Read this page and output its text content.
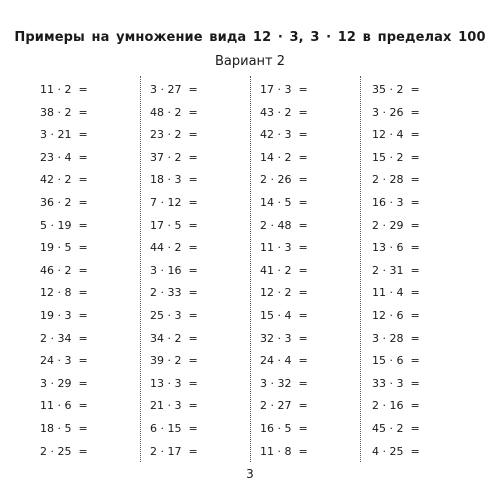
Примеры на умножение вида 12 · 3, 3 · 12 в пределах 100
Вариант 2
11 · 2  =
38 · 2  =
3 · 21  =
23 · 4  =
42 · 2  =
36 · 2  =
5 · 19  =
19 · 5  =
46 · 2  =
12 · 8  =
19 · 3  =
2 · 34  =
24 · 3  =
3 · 29  =
11 · 6  =
18 · 5  =
2 · 25  =
3 · 27  =
48 · 2  =
23 · 2  =
37 · 2  =
18 · 3  =
7 · 12  =
17 · 5  =
44 · 2  =
3 · 16  =
2 · 33  =
25 · 3  =
34 · 2  =
39 · 2  =
13 · 3  =
21 · 3  =
6 · 15  =
2 · 17  =
17 · 3  =
43 · 2  =
42 · 3  =
14 · 2  =
2 · 26  =
14 · 5  =
2 · 48  =
11 · 3  =
41 · 2  =
12 · 2  =
15 · 4  =
32 · 3  =
24 · 4  =
3 · 32  =
2 · 27  =
16 · 5  =
11 · 8  =
35 · 2  =
3 · 26  =
12 · 4  =
15 · 2  =
2 · 28  =
16 · 3  =
2 · 29  =
13 · 6  =
2 · 31  =
11 · 4  =
12 · 6  =
3 · 28  =
15 · 6  =
33 · 3  =
2 · 16  =
45 · 2  =
4 · 25  =
3
